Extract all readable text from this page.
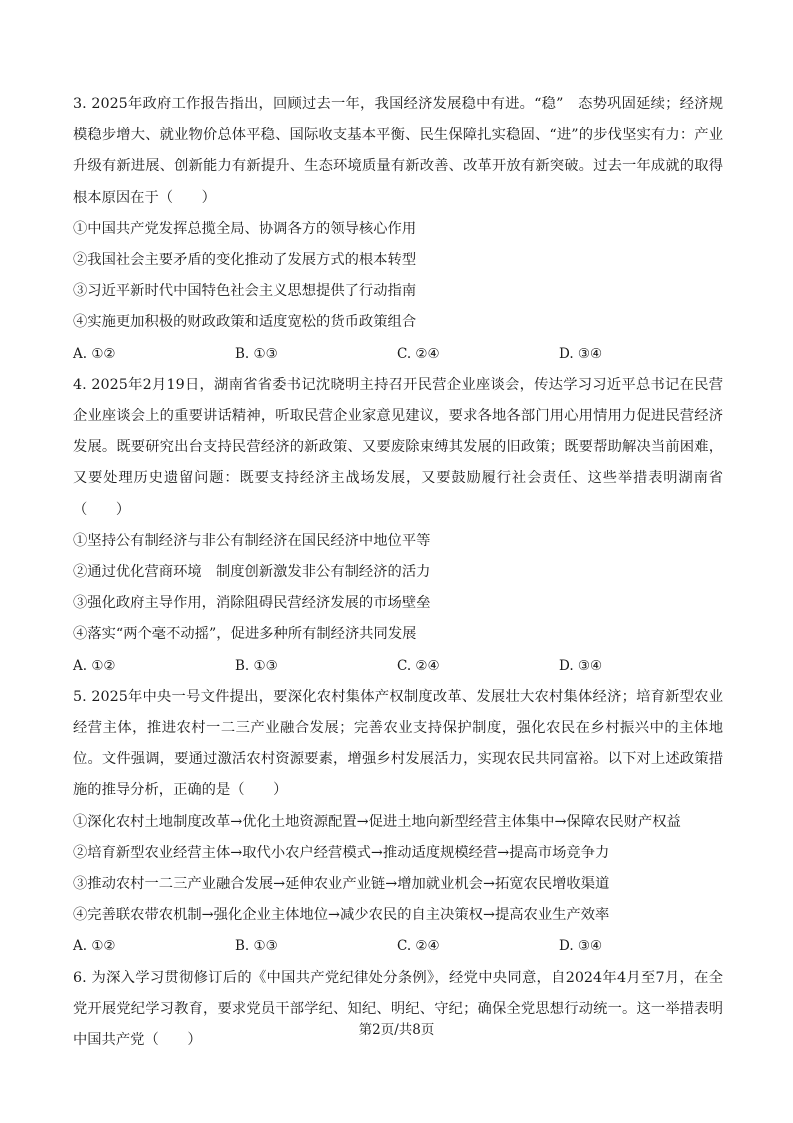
3. 2025年政府工作报告指出，回顾过去一年，我国经济发展稳中有进。“稳”　态势巩固延续；经济规模稳步增大、就业物价总体平稳、国际收支基本平衡、民生保障扎实稳固、“进”的步伐坚实有力：产业升级有新进展、创新能力有新提升、生态环境质量有新改善、改革开放有新突破。过去一年成就的取得根本原因在于（　　）

①中国共产党发挥总揽全局、协调各方的领导核心作用

②我国社会主要矛盾的变化推动了发展方式的根本转型

③习近平新时代中国特色社会主义思想提供了行动指南

④实施更加积极的财政政策和适度宽松的货币政策组合

A. ①②	B. ①③	C. ②④	D. ③④

4. 2025年2月19日，湖南省省委书记沈晓明主持召开民营企业座谈会，传达学习习近平总书记在民营企业座谈会上的重要讲话精神，听取民营企业家意见建议，要求各地各部门用心用情用力促进民营经济发展。既要研究出台支持民营经济的新政策、又要废除束缚其发展的旧政策；既要帮助解决当前困难，又要处理历史遗留问题：既要支持经济主战场发展，又要鼓励履行社会责任、这些举措表明湖南省（　　）

①坚持公有制经济与非公有制经济在国民经济中地位平等

②通过优化营商环境　制度创新激发非公有制经济的活力

③强化政府主导作用，消除阻碍民营经济发展的市场壁垒

④落实“两个毫不动摇”，促进多种所有制经济共同发展

A. ①②	B. ①③	C. ②④	D. ③④

5. 2025年中央一号文件提出，要深化农村集体产权制度改革、发展壮大农村集体经济；培育新型农业经营主体，推进农村一二三产业融合发展；完善农业支持保护制度，强化农民在乡村振兴中的主体地位。文件强调，要通过激活农村资源要素，增强乡村发展活力，实现农民共同富裕。以下对上述政策措施的推导分析，正确的是（　　）

①深化农村土地制度改革→优化土地资源配置→促进土地向新型经营主体集中→保障农民财产权益

②培育新型农业经营主体→取代小农户经营模式→推动适度规模经营→提高市场竞争力

③推动农村一二三产业融合发展→延伸农业产业链→增加就业机会→拓宽农民增收渠道

④完善联农带农机制→强化企业主体地位→减少农民的自主决策权→提高农业生产效率

A. ①②	B. ①③	C. ②④	D. ③④

6. 为深入学习贯彻修订后的《中国共产党纪律处分条例》，经党中央同意，自2024年4月至7月，在全党开展党纪学习教育，要求党员干部学纪、知纪、明纪、守纪；确保全党思想行动统一。这一举措表明中国共产党（　　）

第2页/共8页
